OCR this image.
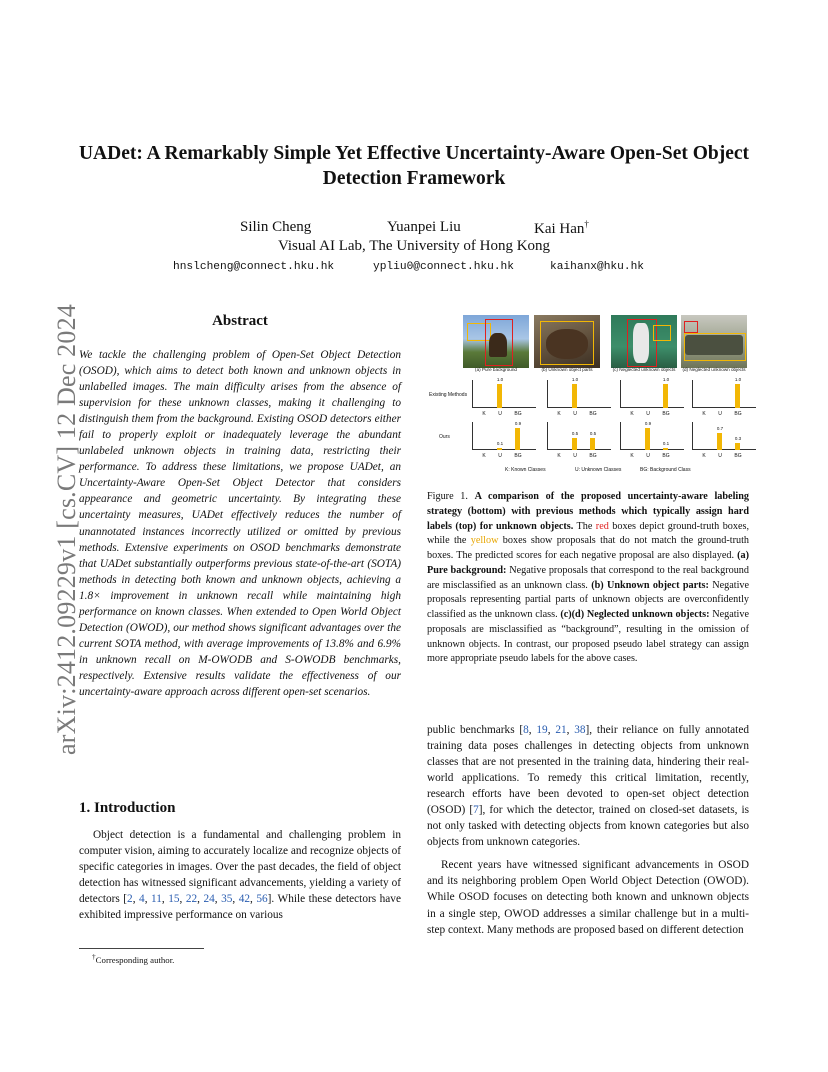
arXiv:2412.09229v1 [cs.CV] 12 Dec 2024
UADet: A Remarkably Simple Yet Effective Uncertainty-Aware Open-Set Object Detection Framework
Silin Cheng	Yuanpei Liu	Kai Han†
Visual AI Lab, The University of Hong Kong
hnslcheng@connect.hku.hk	ypliu0@connect.hku.hk	kaihanx@hku.hk
Abstract
We tackle the challenging problem of Open-Set Object Detection (OSOD), which aims to detect both known and unknown objects in unlabelled images. The main difficulty arises from the absence of supervision for these unknown classes, making it challenging to distinguish them from the background. Existing OSOD detectors either fail to properly exploit or inadequately leverage the abundant unlabeled unknown objects in training data, restricting their performance. To address these limitations, we propose UADet, an Uncertainty-Aware Open-Set Object Detector that considers appearance and geometric uncertainty. By integrating these uncertainty measures, UADet effectively reduces the number of unannotated instances incorrectly utilized or omitted by previous methods. Extensive experiments on OSOD benchmarks demonstrate that UADet substantially outperforms previous state-of-the-art (SOTA) methods in detecting both known and unknown objects, achieving a 1.8× improvement in unknown recall while maintaining high performance on known classes. When extended to Open World Object Detection (OWOD), our method shows significant advantages over the current SOTA method, with average improvements of 13.8% and 6.9% in unknown recall on M-OWODB and S-OWODB benchmarks, respectively. Extensive results validate the effectiveness of our uncertainty-aware approach across different open-set scenarios.
1. Introduction

Object detection is a fundamental and challenging problem in computer vision, aiming to accurately localize and recognize objects of specific categories in images. Over the past decades, the field of object detection has witnessed significant advancements, yielding a variety of detectors [2, 4, 11, 15, 22, 24, 35, 42, 56]. While these detectors have exhibited impressive performance on various

†Corresponding author.
(a) Pure background	(b) Unknown object parts	(c) Neglected unknown objects	(d) Neglected unknown objects
Existing Methods
Ours
K
1.0
U	BG	K
1.0
U	BG	K	U
1.0
BG	K	U
1.0
BG
K
0.1
U
0.9
BG	K
0.5
U
0.5
BG	K
0.9
U
0.1
BG	K
0.7
U
0.3
BG
K: Known Classes	U: Unknown Classes	BG: Background Class
Figure 1. A comparison of the proposed uncertainty-aware labeling strategy (bottom) with previous methods which typically assign hard labels (top) for unknown objects. The red boxes depict ground-truth boxes, while the yellow boxes show proposals that do not match the ground-truth boxes. The predicted scores for each negative proposal are also displayed. (a) Pure background: Negative proposals that correspond to the real background are misclassified as an unknown class. (b) Unknown object parts: Negative proposals representing partial parts of unknown objects are overconfidently classified as the unknown class. (c)(d) Neglected unknown objects: Negative proposals are misclassified as “background”, resulting in the omission of unknown objects. In contrast, our proposed pseudo label strategy can assign more appropriate pseudo labels for the above cases.

public benchmarks [8, 19, 21, 38], their reliance on fully annotated training data poses challenges in detecting objects from unknown classes that are not presented in the training data, hindering their real-world applications. To remedy this critical limitation, recently, research efforts have been devoted to open-set object detection (OSOD) [7], for which the detector, trained on closed-set datasets, is not only tasked with detecting objects from known categories but also objects from unknown categories.

Recent years have witnessed significant advancements in OSOD and its neighboring problem Open World Object Detection (OWOD). While OSOD focuses on detecting both known and unknown objects in a single step, OWOD addresses a similar challenge but in a multi-step context. Many methods are proposed based on different detection
